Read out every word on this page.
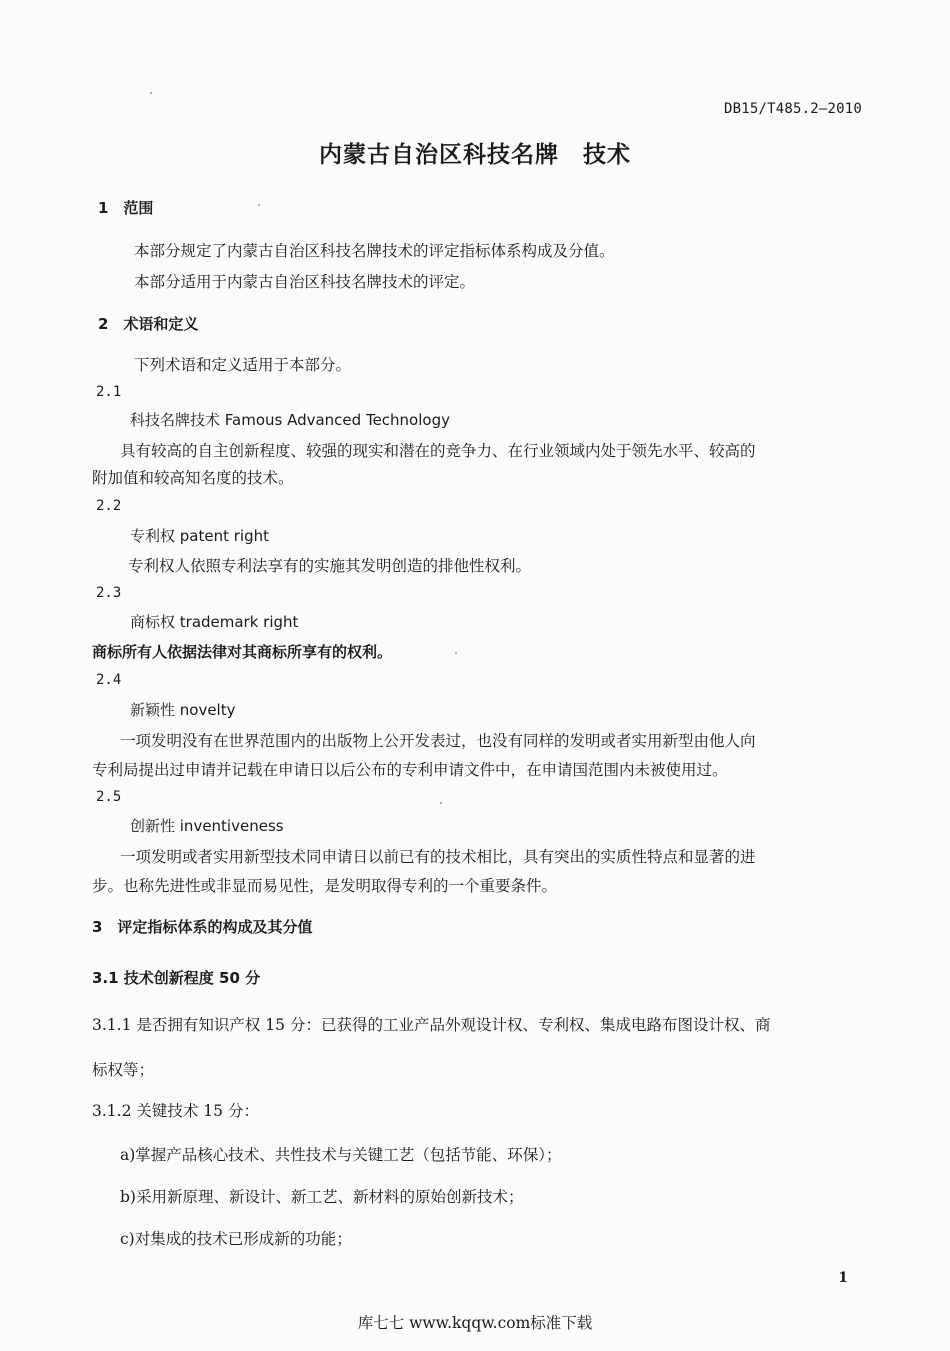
DB15/T485.2—2010
内蒙古自治区科技名牌　技术
1　范围
本部分规定了内蒙古自治区科技名牌技术的评定指标体系构成及分值。
本部分适用于内蒙古自治区科技名牌技术的评定。
2　术语和定义
下列术语和定义适用于本部分。
2.1
科技名牌技术 Famous Advanced Technology
具有较高的自主创新程度、较强的现实和潜在的竞争力、在行业领域内处于领先水平、较高的
附加值和较高知名度的技术。
2.2
专利权 patent right
专利权人依照专利法享有的实施其发明创造的排他性权利。
2.3
商标权 trademark right
商标所有人依据法律对其商标所享有的权利。
2.4
新颖性 novelty
一项发明没有在世界范围内的出版物上公开发表过，也没有同样的发明或者实用新型由他人向
专利局提出过申请并记载在申请日以后公布的专利申请文件中，在申请国范围内未被使用过。
2.5
创新性 inventiveness
一项发明或者实用新型技术同申请日以前已有的技术相比，具有突出的实质性特点和显著的进
步。也称先进性或非显而易见性，是发明取得专利的一个重要条件。
3　评定指标体系的构成及其分值
3.1 技术创新程度 50 分
3.1.1 是否拥有知识产权 15 分：已获得的工业产品外观设计权、专利权、集成电路布图设计权、商
标权等；
3.1.2 关键技术 15 分：
a)掌握产品核心技术、共性技术与关键工艺（包括节能、环保）；
b)采用新原理、新设计、新工艺、新材料的原始创新技术；
c)对集成的技术已形成新的功能；
1
库七七 www.kqqw.com标准下载
